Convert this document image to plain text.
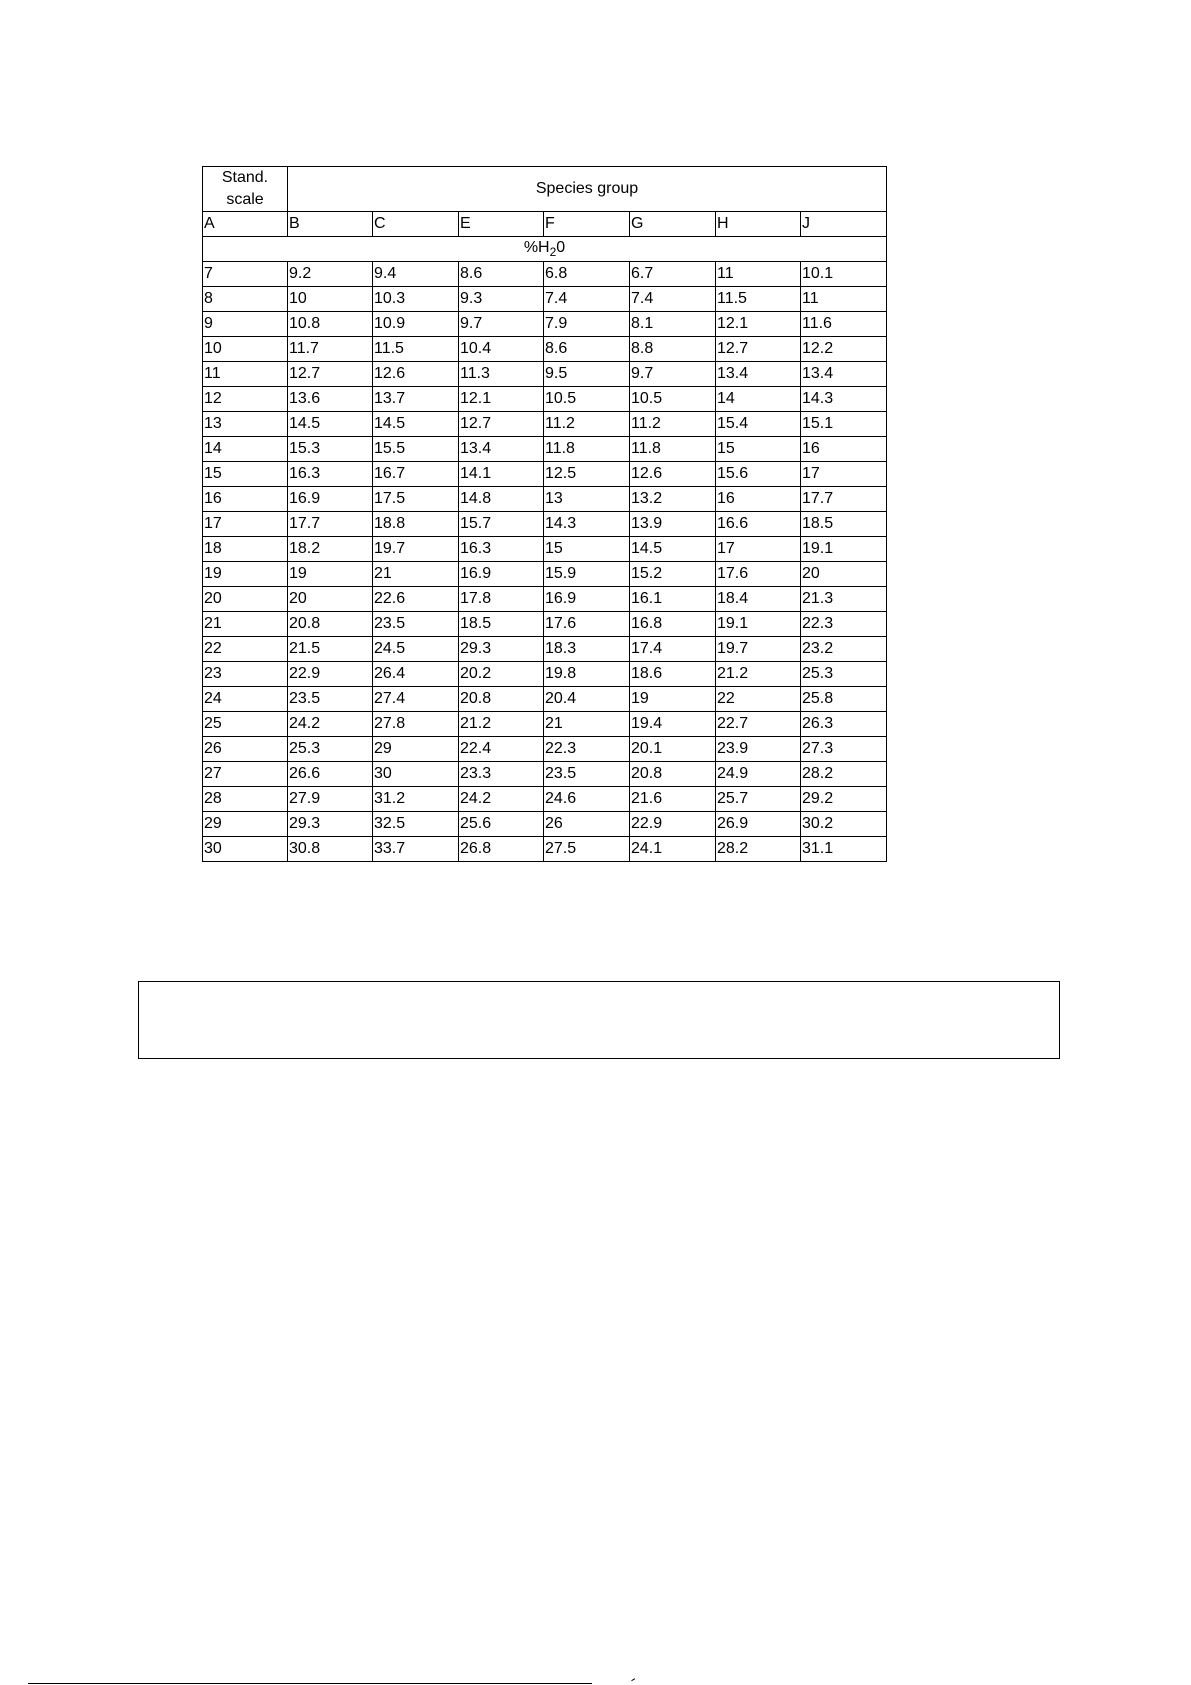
Stand.
scale	Species group						
A	B	C	E	F	G	H	J
$\%H_20$							
7	9.2	9.4	8.6	6.8	6.7	11	10.1
8	10	10.3	9.3	7.4	7.4	11.5	11
9	10.8	10.9	9.7	7.9	8.1	12.1	11.6
10	11.7	11.5	10.4	8.6	8.8	12.7	12.2
11	12.7	12.6	11.3	9.5	9.7	13.4	13.4
12	13.6	13.7	12.1	10.5	10.5	14	14.3
13	14.5	14.5	12.7	11.2	11.2	15.4	15.1
14	15.3	15.5	13.4	11.8	11.8	15	16
15	16.3	16.7	14.1	12.5	12.6	15.6	17
16	16.9	17.5	14.8	13	13.2	16	17.7
17	17.7	18.8	15.7	14.3	13.9	16.6	18.5
18	18.2	19.7	16.3	15	14.5	17	19.1
19	19	21	16.9	15.9	15.2	17.6	20
20	20	22.6	17.8	16.9	16.1	18.4	21.3
21	20.8	23.5	18.5	17.6	16.8	19.1	22.3
22	21.5	24.5	29.3	18.3	17.4	19.7	23.2
23	22.9	26.4	20.2	19.8	18.6	21.2	25.3
24	23.5	27.4	20.8	20.4	19	22	25.8
25	24.2	27.8	21.2	21	19.4	22.7	26.3
26	25.3	29	22.4	22.3	20.1	23.9	27.3
27	26.6	30	23.3	23.5	20.8	24.9	28.2
28	27.9	31.2	24.2	24.6	21.6	25.7	29.2
29	29.3	32.5	25.6	26	22.9	26.9	30.2
30	30.8	33.7	26.8	27.5	24.1	28.2	31.1
